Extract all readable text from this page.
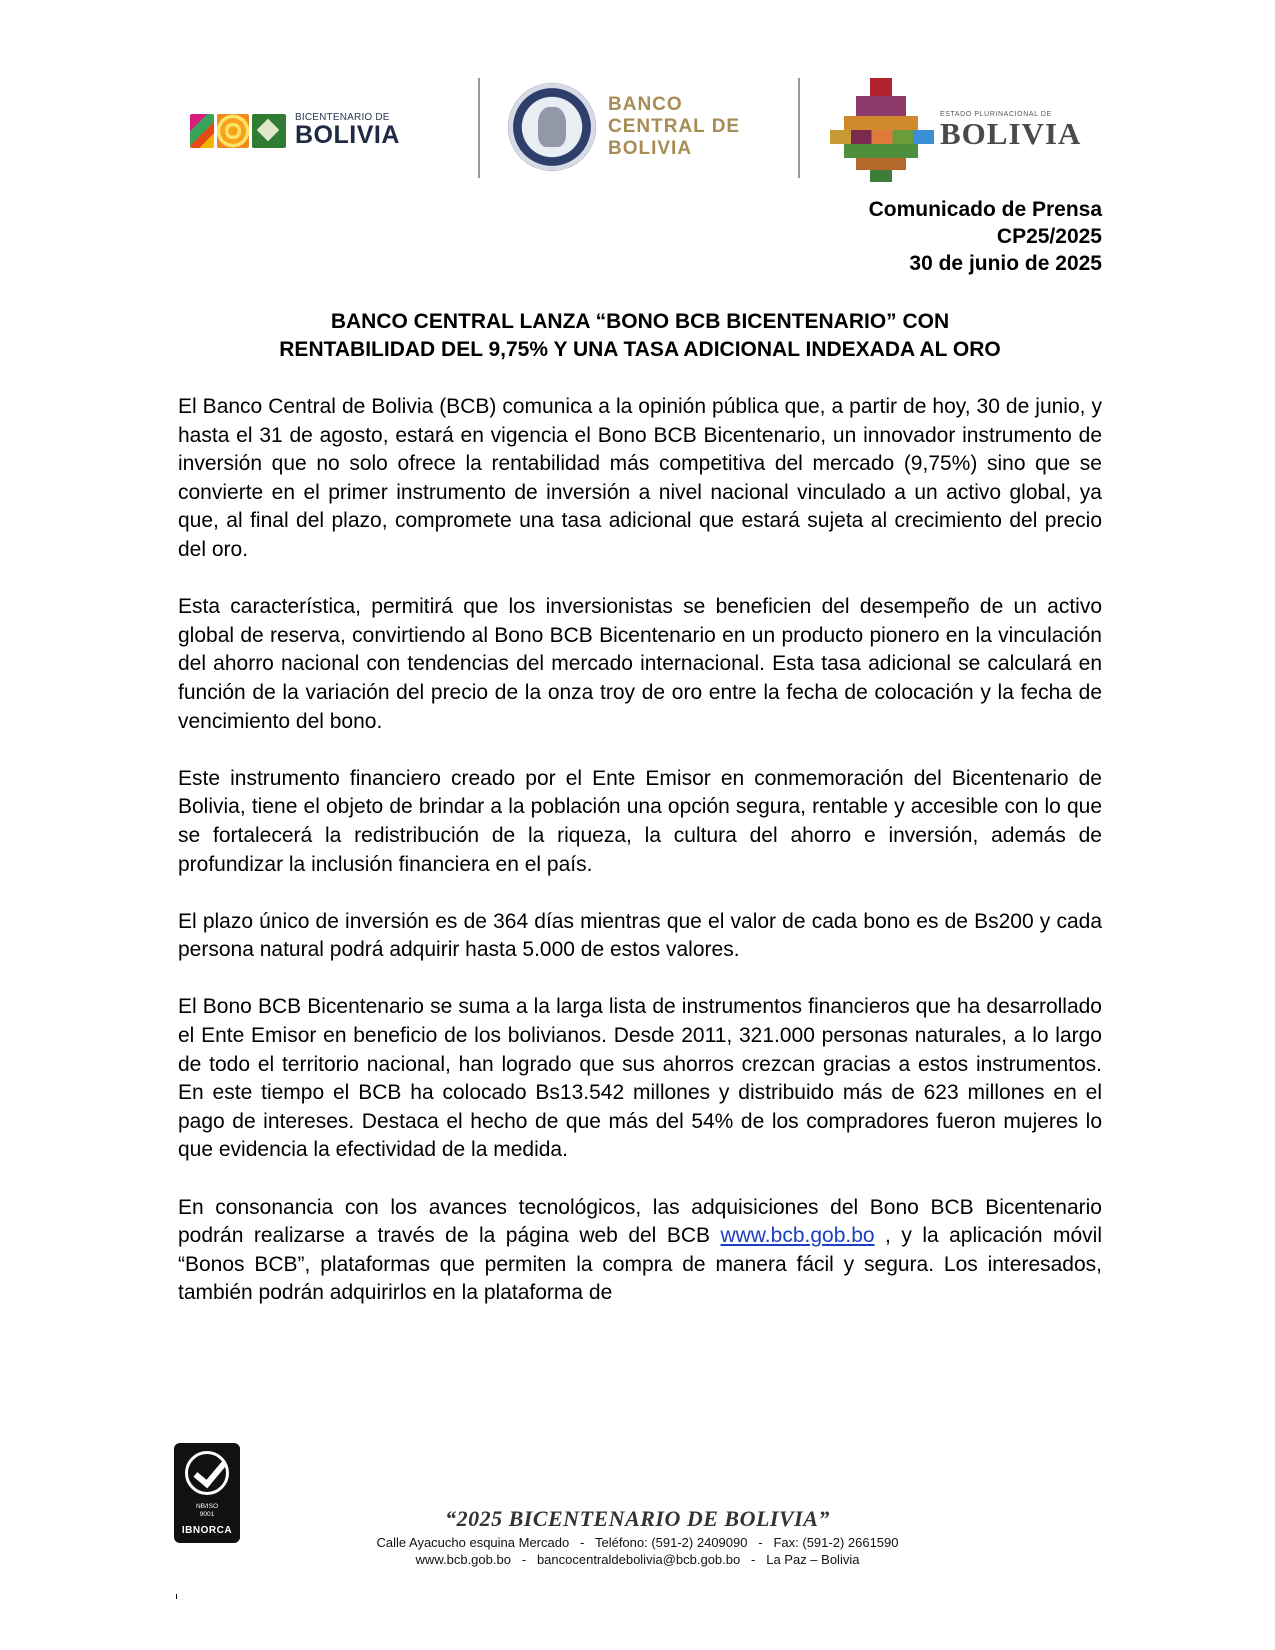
BICENTENARIO DE
BOLIVIA
BANCO
CENTRAL DE
BOLIVIA
ESTADO PLURINACIONAL DE
BOLIVIA
Comunicado de Prensa
CP25/2025
30 de junio de 2025
BANCO CENTRAL LANZA “BONO BCB BICENTENARIO” CON
RENTABILIDAD DEL 9,75% Y UNA TASA ADICIONAL INDEXADA AL ORO

El Banco Central de Bolivia (BCB) comunica a la opinión pública que, a partir de hoy, 30 de junio, y hasta el 31 de agosto, estará en vigencia el Bono BCB Bicentenario, un innovador instrumento de inversión que no solo ofrece la rentabilidad más competitiva del mercado (9,75%) sino que se convierte en el primer instrumento de inversión a nivel nacional vinculado a un activo global, ya que, al final del plazo, compromete una tasa adicional que estará sujeta al crecimiento del precio del oro.

Esta característica, permitirá que los inversionistas se beneficien del desempeño de un activo global de reserva, convirtiendo al Bono BCB Bicentenario en un producto pionero en la vinculación del ahorro nacional con tendencias del mercado internacional. Esta tasa adicional se calculará en función de la variación del precio de la onza troy de oro entre la fecha de colocación y la fecha de vencimiento del bono.

Este instrumento financiero creado por el Ente Emisor en conmemoración del Bicentenario de Bolivia, tiene el objeto de brindar a la población una opción segura, rentable y accesible con lo que se fortalecerá la redistribución de la riqueza, la cultura del ahorro e inversión, además de profundizar la inclusión financiera en el país.

El plazo único de inversión es de 364 días mientras que el valor de cada bono es de Bs200 y cada persona natural podrá adquirir hasta 5.000 de estos valores.

El Bono BCB Bicentenario se suma a la larga lista de instrumentos financieros que ha desarrollado el Ente Emisor en beneficio de los bolivianos. Desde 2011, 321.000 personas naturales, a lo largo de todo el territorio nacional, han logrado que sus ahorros crezcan gracias a estos instrumentos. En este tiempo el BCB ha colocado Bs13.542 millones y distribuido más de 623 millones en el pago de intereses. Destaca el hecho de que más del 54% de los compradores fueron mujeres lo que evidencia la efectividad de la medida.

En consonancia con los avances tecnológicos, las adquisiciones del Bono BCB Bicentenario podrán realizarse a través de la página web del BCB www.bcb.gob.bo , y la aplicación móvil “Bonos BCB”, plataformas que permiten la compra de manera fácil y segura. Los interesados, también podrán adquirirlos en la plataforma de

NB/ISO
9001
IBNORCA	“2025 BICENTENARIO DE BOLIVIA”
Calle Ayacucho esquina Mercado   -   Teléfono: (591-2) 2409090   -   Fax: (591-2) 2661590
www.bcb.gob.bo   -   bancocentraldebolivia@bcb.gob.bo   -   La Paz – Bolivia
